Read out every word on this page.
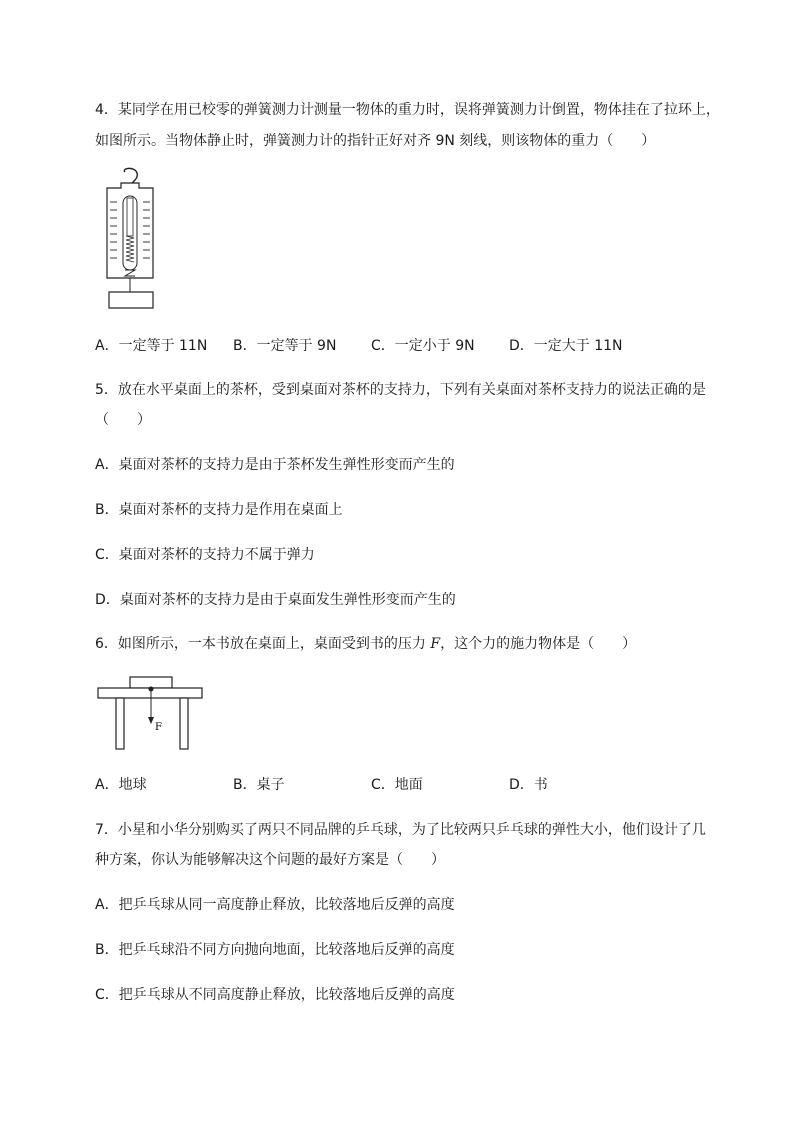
4．某同学在用已校零的弹簧测力计测量一物体的重力时，误将弹簧测力计倒置，物体挂在了拉环上，
如图所示。当物体静止时，弹簧测力计的指针正好对齐 9N 刻线，则该物体的重力（　　）
A．一定等于 11N B．一定等于 9N C．一定小于 9N D．一定大于 11N
5．放在水平桌面上的茶杯，受到桌面对茶杯的支持力，下列有关桌面对茶杯支持力的说法正确的是
（　　）
A．桌面对茶杯的支持力是由于茶杯发生弹性形变而产生的
B．桌面对茶杯的支持力是作用在桌面上
C．桌面对茶杯的支持力不属于弹力
D．桌面对茶杯的支持力是由于桌面发生弹性形变而产生的
6．如图所示，一本书放在桌面上，桌面受到书的压力 F，这个力的施力物体是（　　）
F
A．地球	B．桌子	C．地面	D．书
7．小星和小华分别购买了两只不同品牌的乒乓球，为了比较两只乒乓球的弹性大小，他们设计了几
种方案，你认为能够解决这个问题的最好方案是（　　）
A．把乒乓球从同一高度静止释放，比较落地后反弹的高度
B．把乒乓球沿不同方向抛向地面，比较落地后反弹的高度
C．把乒乓球从不同高度静止释放，比较落地后反弹的高度
